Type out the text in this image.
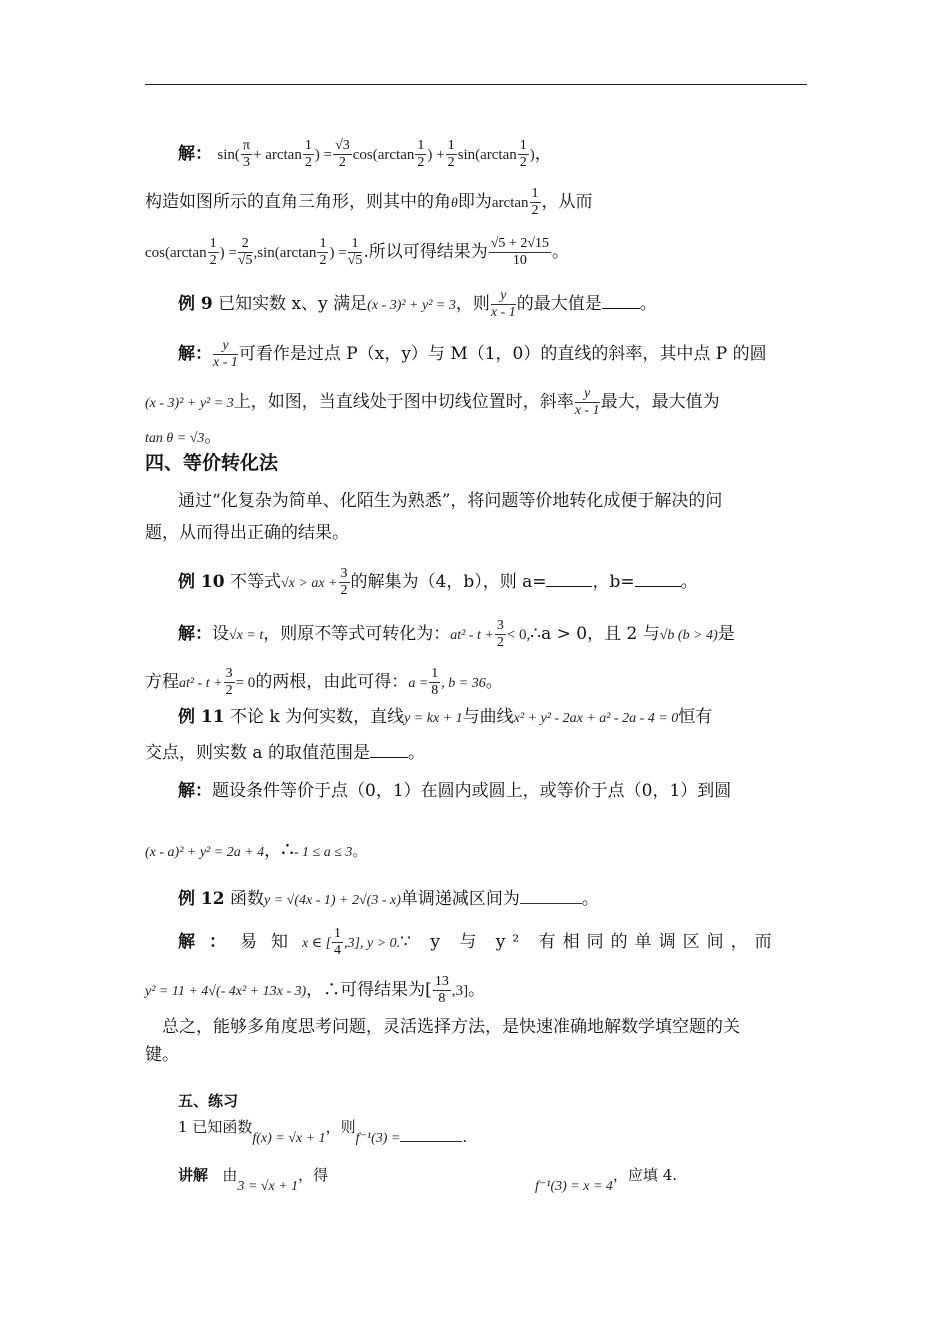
解： $\sin( \frac{\pi}{3} + \arctan \frac{1}{2}$ ) = $\frac{√3}{2} \cos(\arctan \frac{1}{2}$ ) + $\frac{1}{2} \sin(\arctan \frac{1}{2}$ )，
构造如图所示的直角三角形，则其中的角θ即为$\arctan \frac{1}{2}$ ，从而
$\cos(\arctan \frac{1}{2}$ ) = $\frac{2}{√5} ,\sin(\arctan \frac{1}{2}$ ) = $\frac{1}{√5}$ .所以可得结果为 $\frac{√5 + 2√15}{10}$ 。
例 9 已知实数 x、y 满足(x - 3)² + y² = 3，则 $\frac{y}{x - 1}$ 的最大值是 。
解： $\frac{y}{x - 1}$ 可看作是过点 P（x，y）与 M（1，0）的直线的斜率，其中点 P 的圆
(x - 3)² + y² = 3上，如图，当直线处于图中切线位置时，斜率 $\frac{y}{x - 1}$ 最大，最大值为
tan θ = √3。
四、等价转化法
通过“化复杂为简单、化陌生为熟悉”，将问题等价地转化成便于解决的问
题，从而得出正确的结果。
例 10 不等式√x > ax + $\frac{3}{2}$ 的解集为（4，b），则 a=	，b=	。
解：设√x = t，则原不等式可转化为：$at^2 - t + \frac{3}{2}$ < 0,∴a > 0，且 2 与√b (b > 4)是
方程$at^2 - t + \frac{3}{2} = 0$的两根，由此可得：$a = \frac{1}{8}$ , b = 36。
例 11 不论 k 为何实数，直线y = kx + 1与曲线x² + y² - 2ax + a² - 2a - 4 = 0恒有
交点，则实数 a 的取值范围是 。
解：题设条件等价于点（0，1）在圆内或圆上，或等价于点（0，1）到圆
(x - a)² + y² = 2a + 4，∴- 1 ≤ a ≤ 3。
例 12 函数y = √(4x - 1) + 2√(3 - x)单调递减区间为	。
解：易知x ∈ [ $\frac{1}{4} ,3$], y > 0.∵ y 与 y² 有相同的单调区间，而
y² = 11 + 4√(- 4x² + 13x - 3)，∴可得结果为[ $\frac{13}{8} ,3$]。
总之，能够多角度思考问题，灵活选择方法，是快速准确地解数学填空题的关
键。
五、练习
1 已知函数f(x) = √x + 1，则f⁻¹(3) =	.
讲解 由3 = √x + 1，得
f⁻¹(3) = x = 4，应填 4.
